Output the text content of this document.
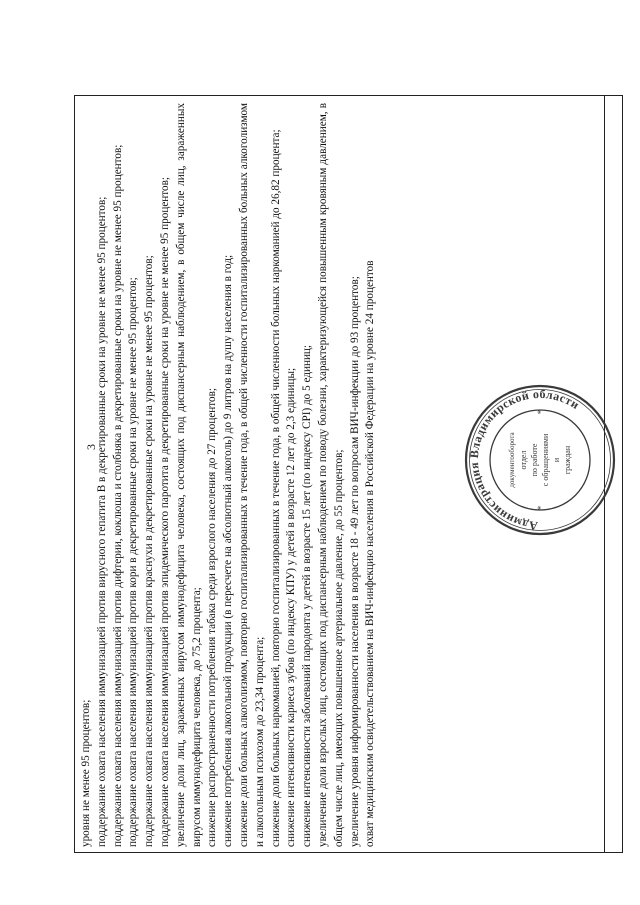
3

уровня не менее 95 процентов; поддержание охвата населения иммунизацией против вирусного гепатита В в декретированные сроки на уровне не менее 95 процентов; поддержание охвата населения иммунизацией против дифтерии, коклюша и столбняка в декретированные сроки на уровне не менее 95 процентов; поддержание охвата населения иммунизацией против кори в декретированные сроки на уровне не менее 95 процентов; поддержание охвата населения иммунизацией против краснухи в декретированные сроки на уровне не менее 95 процентов; поддержание охвата населения иммунизацией против эпидемического паротита в декретированные сроки на уровне не менее 95 процентов; увеличение доли лиц, зараженных вирусом иммунодефицита человека, состоящих под диспансерным наблюдением, в общем числе лиц, зараженных вирусом иммунодефицита человека, до 75,2 процента; снижение распространенности потребления табака среди взрослого населения до 27 процентов; снижение потребления алкогольной продукции (в пересчете на абсолютный алкоголь) до 9 литров на душу населения в год; снижение доли больных алкоголизмом, повторно госпитализированных в течение года, в общей численности госпитализированных больных алкоголизмом и алкогольным психозом до 23,34 процента; снижение доли больных наркоманией, повторно госпитализированных в течение года, в общей численности больных наркоманией до 26,82 процента; снижение интенсивности кариеса зубов (по индексу КПУ) у детей в возрасте 12 лет до 2,3 единицы; снижение интенсивности заболеваний пародонта у детей в возрасте 15 лет (по индексу СРI) до 5 единиц; увеличение доли взрослых лиц, состоящих под диспансерным наблюдением по поводу болезни, характеризующейся повышенным кровяным давлением, в общем числе лиц, имеющих повышенное артериальное давление, до 55 процентов; увеличение уровня информированности населения в возрасте 18 - 49 лет по вопросам ВИЧ-инфекции до 93 процентов; охват медицинским освидетельствованием на ВИЧ-инфекцию населения в Российской Федерации на уровне 24 процентов	Администрация Владимирской области
документооборота отдел по работе с обращениями и граждан
*
*
